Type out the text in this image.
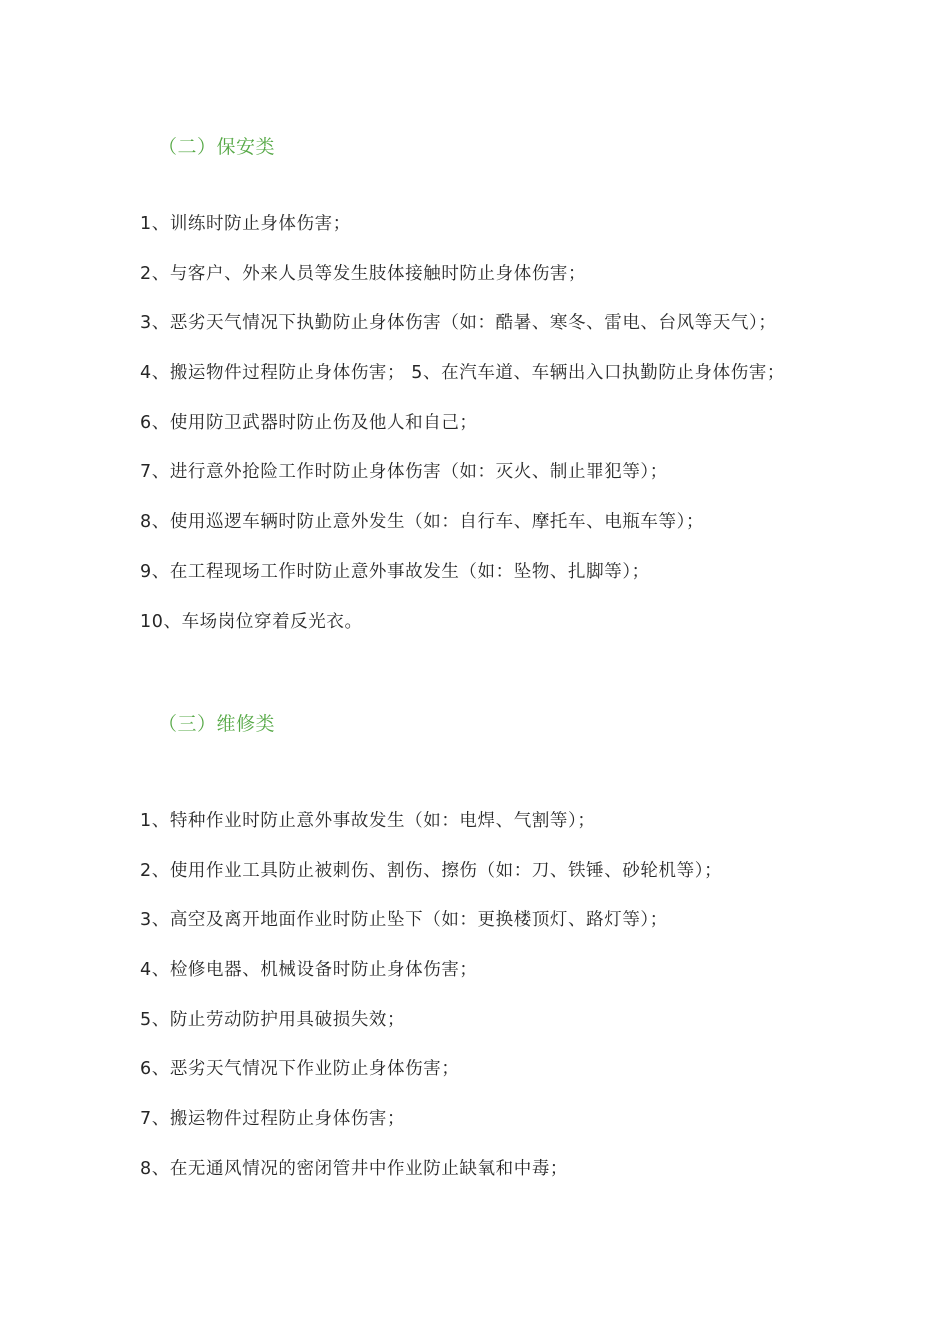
（二）保安类
1、训练时防止身体伤害；
2、与客户、外来人员等发生肢体接触时防止身体伤害；
3、恶劣天气情况下执勤防止身体伤害（如：酷暑、寒冬、雷电、台风等天气）；
4、搬运物件过程防止身体伤害； 5、在汽车道、车辆出入口执勤防止身体伤害；
6、使用防卫武器时防止伤及他人和自己；
7、进行意外抢险工作时防止身体伤害（如：灭火、制止罪犯等）；
8、使用巡逻车辆时防止意外发生（如：自行车、摩托车、电瓶车等）；
9、在工程现场工作时防止意外事故发生（如：坠物、扎脚等）；
10、车场岗位穿着反光衣。
（三）维修类
1、特种作业时防止意外事故发生（如：电焊、气割等）；
2、使用作业工具防止被刺伤、割伤、擦伤（如：刀、铁锤、砂轮机等）；
3、高空及离开地面作业时防止坠下（如：更换楼顶灯、路灯等）；
4、检修电器、机械设备时防止身体伤害；
5、防止劳动防护用具破损失效；
6、恶劣天气情况下作业防止身体伤害；
7、搬运物件过程防止身体伤害；
8、在无通风情况的密闭管井中作业防止缺氧和中毒；
